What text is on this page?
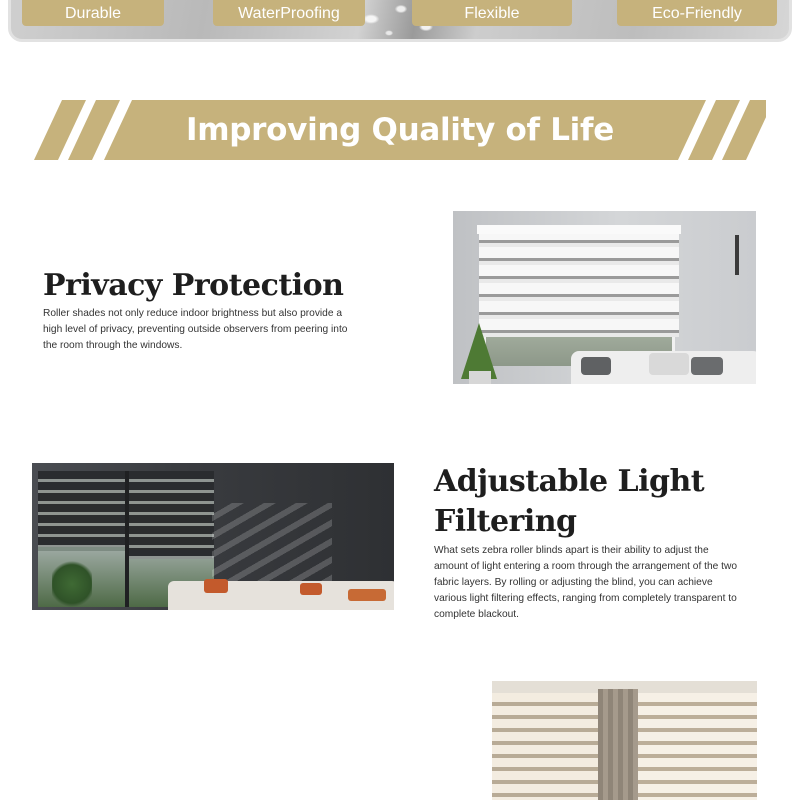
Durable	WaterProofing	Flexible	Eco-Friendly
Improving Quality of Life
Privacy Protection
Roller shades not only reduce indoor brightness but also provide a
high level of privacy, preventing outside observers from peering into
the room through the windows.
Adjustable Light
Filtering
What sets zebra roller blinds apart is their ability to adjust the
amount of light entering a room through the arrangement of the two
fabric layers. By rolling or adjusting the blind, you can achieve
various light filtering effects, ranging from completely transparent to
complete blackout.
